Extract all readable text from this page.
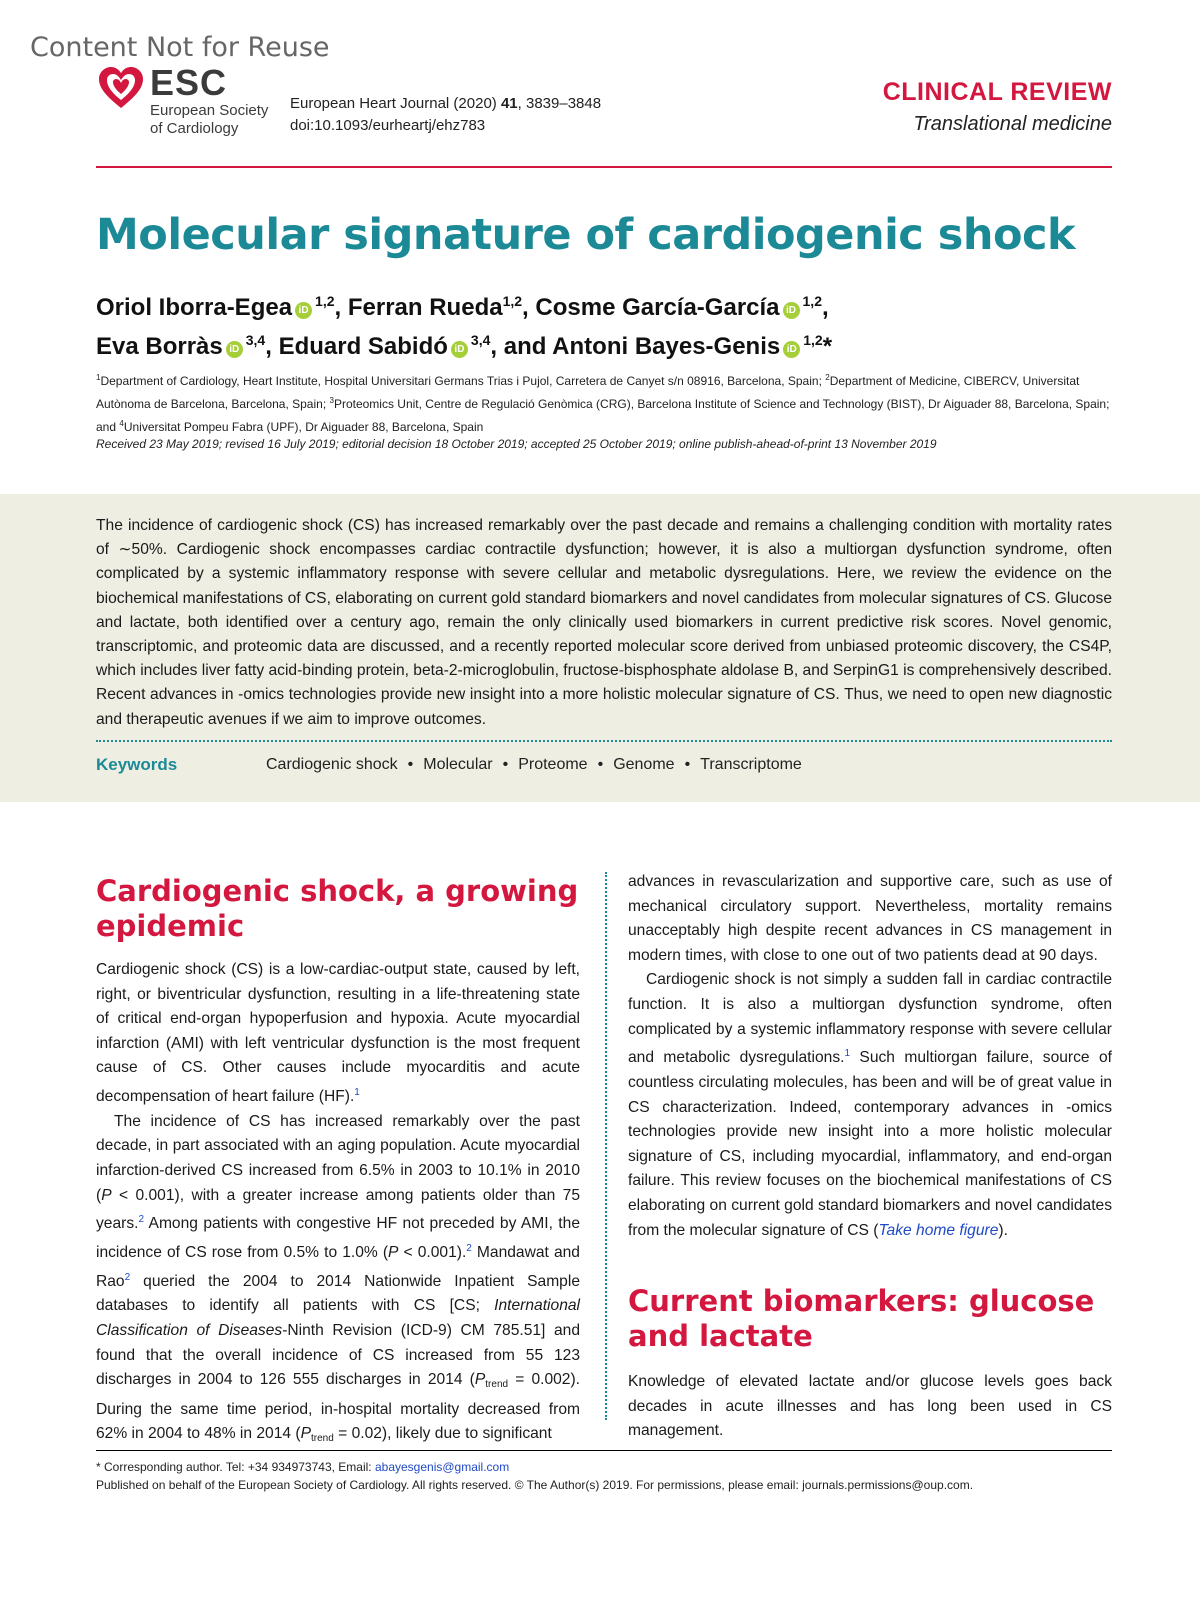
Content Not for Reuse
ESC
European Society
of Cardiology
European Heart Journal (2020) 41, 3839–3848
doi:10.1093/eurheartj/ehz783
CLINICAL REVIEW
Translational medicine
Molecular signature of cardiogenic shock
Oriol Iborra-Egea iD$^{1,2}$, Ferran Rueda$^{1,2}$, Cosme García-García iD$^{1,2}$,
Eva Borràs iD$^{3,4}$, Eduard Sabidó iD$^{3,4}$, and Antoni Bayes-Genis iD$^{1,2}$*
$^1$Department of Cardiology, Heart Institute, Hospital Universitari Germans Trias i Pujol, Carretera de Canyet s/n 08916, Barcelona, Spain; $^2$Department of Medicine, CIBERCV, Universitat Autònoma de Barcelona, Barcelona, Spain; $^3$Proteomics Unit, Centre de Regulació Genòmica (CRG), Barcelona Institute of Science and Technology (BIST), Dr Aiguader 88, Barcelona, Spain; and $^4$Universitat Pompeu Fabra (UPF), Dr Aiguader 88, Barcelona, Spain
Received 23 May 2019; revised 16 July 2019; editorial decision 18 October 2019; accepted 25 October 2019; online publish-ahead-of-print 13 November 2019

The incidence of cardiogenic shock (CS) has increased remarkably over the past decade and remains a challenging condition with mortality rates of ∼50%. Cardiogenic shock encompasses cardiac contractile dysfunction; however, it is also a multiorgan dysfunction syndrome, often complicated by a systemic inflammatory response with severe cellular and metabolic dysregulations. Here, we review the evidence on the biochemical manifestations of CS, elaborating on current gold standard biomarkers and novel candidates from molecular signatures of CS. Glucose and lactate, both identified over a century ago, remain the only clinically used biomarkers in current predictive risk scores. Novel genomic, transcriptomic, and proteomic data are discussed, and a recently reported molecular score derived from unbiased proteomic discovery, the CS4P, which includes liver fatty acid-binding protein, beta-2-microglobulin, fructose-bisphosphate aldolase B, and SerpinG1 is comprehensively described. Recent advances in -omics technologies provide new insight into a more holistic molecular signature of CS. Thus, we need to open new diagnostic and therapeutic avenues if we aim to improve outcomes.

Keywords	Cardiogenic shock • Molecular • Proteome • Genome • Transcriptome
Cardiogenic shock, a growing epidemic

Cardiogenic shock (CS) is a low-cardiac-output state, caused by left, right, or biventricular dysfunction, resulting in a life-threatening state of critical end-organ hypoperfusion and hypoxia. Acute myocardial infarction (AMI) with left ventricular dysfunction is the most frequent cause of CS. Other causes include myocarditis and acute decompensation of heart failure (HF).$^1$

The incidence of CS has increased remarkably over the past decade, in part associated with an aging population. Acute myocardial infarction-derived CS increased from 6.5% in 2003 to 10.1% in 2010 (P < 0.001), with a greater increase among patients older than 75 years.$^2$ Among patients with congestive HF not preceded by AMI, the incidence of CS rose from 0.5% to 1.0% (P < 0.001).$^2$ Mandawat and Rao$^2$ queried the 2004 to 2014 Nationwide Inpatient Sample databases to identify all patients with CS [CS; International Classification of Diseases-Ninth Revision (ICD-9) CM 785.51] and found that the overall incidence of CS increased from 55 123 discharges in 2004 to 126 555 discharges in 2014 $(P_{trend} = 0.002)$. During the same time period, in-hospital mortality decreased from 62% in 2004 to 48% in 2014 $(P_{trend} = 0.02)$, likely due to significant

advances in revascularization and supportive care, such as use of mechanical circulatory support. Nevertheless, mortality remains unacceptably high despite recent advances in CS management in modern times, with close to one out of two patients dead at 90 days.

Cardiogenic shock is not simply a sudden fall in cardiac contractile function. It is also a multiorgan dysfunction syndrome, often complicated by a systemic inflammatory response with severe cellular and metabolic dysregulations.$^1$ Such multiorgan failure, source of countless circulating molecules, has been and will be of great value in CS characterization. Indeed, contemporary advances in -omics technologies provide new insight into a more holistic molecular signature of CS, including myocardial, inflammatory, and end-organ failure. This review focuses on the biochemical manifestations of CS elaborating on current gold standard biomarkers and novel candidates from the molecular signature of CS (Take home figure).

Current biomarkers: glucose and lactate
Knowledge of elevated lactate and/or glucose levels goes back decades in acute illnesses and has long been used in CS management.
* Corresponding author. Tel: +34 934973743, Email: abayesgenis@gmail.com
Published on behalf of the European Society of Cardiology. All rights reserved. © The Author(s) 2019. For permissions, please email: journals.permissions@oup.com.
